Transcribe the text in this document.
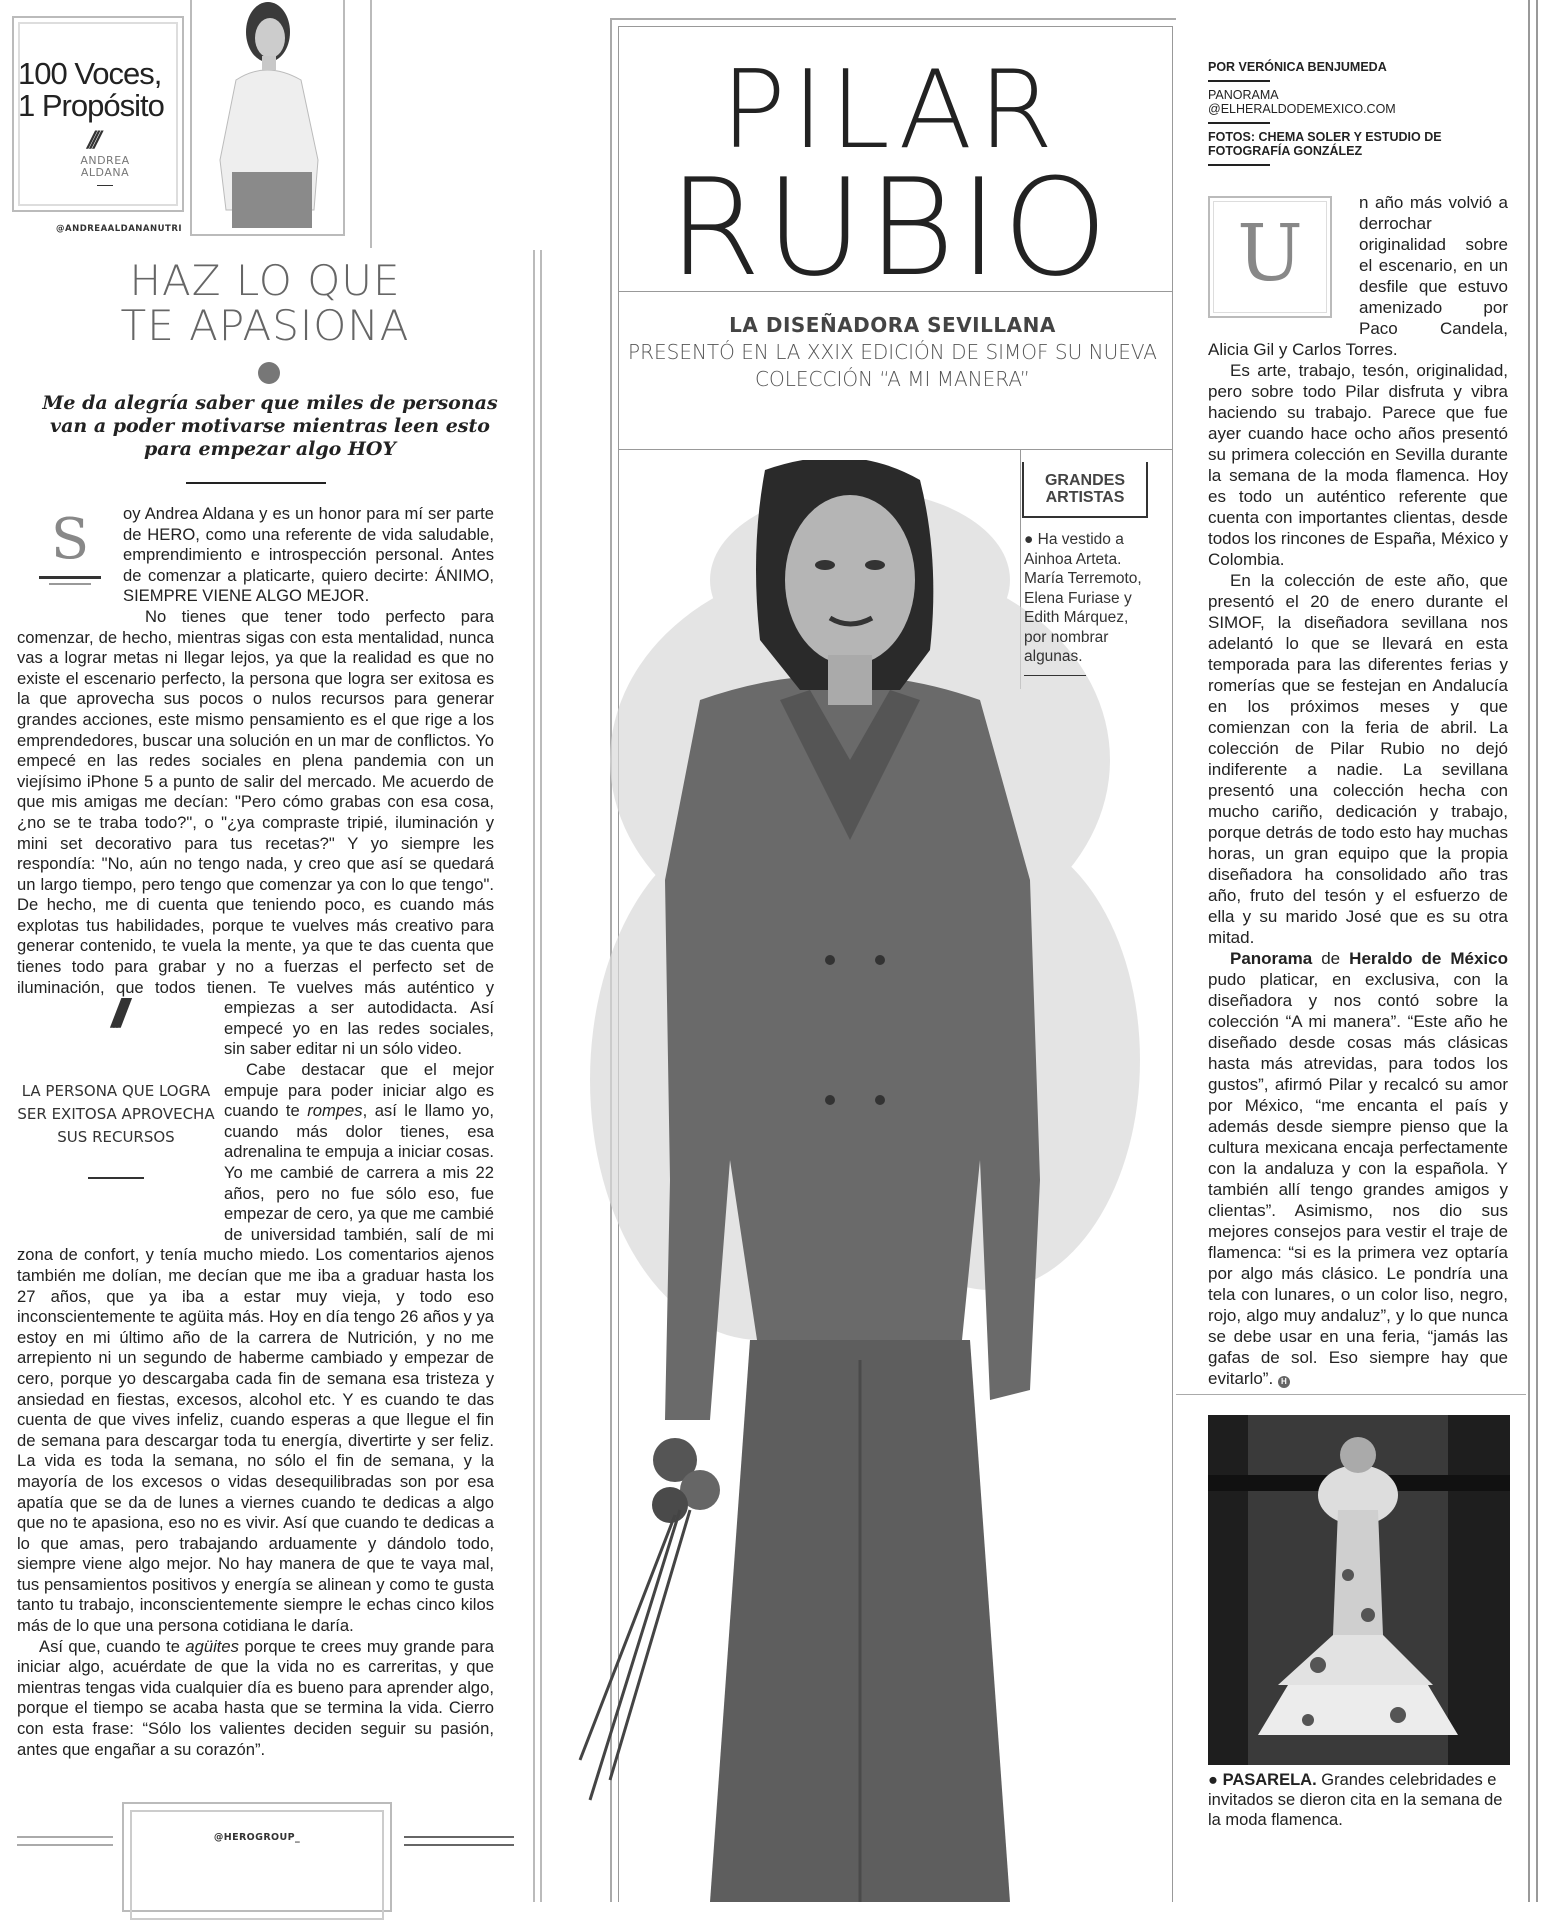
100 Voces,
1 Propósito
///
ANDREA
ALDANA
@ANDREAALDANANUTRI
HAZ LO QUE
TE APASIONA
Me da alegría saber que miles de personas van a poder motivarse mientras leen esto para empezar algo HOY
S	oy Andrea Aldana y es un honor para mí ser parte de HERO, como una referente de vida saludable, emprendimiento e introspección personal. Antes de comenzar a platicarte, quiero decirte: ÁNIMO, SIEMPRE VIENE ALGO MEJOR.

No tienes que tener todo perfecto para comenzar, de hecho, mientras sigas con esta mentalidad, nunca vas a lograr metas ni llegar lejos, ya que la realidad es que no existe el escenario perfecto, la persona que logra ser exitosa es la que aprovecha sus pocos o nulos recursos para generar grandes acciones, este mismo pensamiento es el que rige a los emprendedores, buscar una solución en un mar de conflictos. Yo empecé en las redes sociales en plena pandemia con un viejísimo iPhone 5 a punto de salir del mercado. Me acuerdo de que mis amigas me decían: "Pero cómo grabas con esa cosa, ¿no se te traba todo?", o "¿ya compraste tripié, iluminación y mini set decorativo para tus recetas?" Y yo siempre les respondía: "No, aún no tengo nada, y creo que así se quedará un largo tiempo, pero tengo que comenzar ya con lo que tengo". De hecho, me di cuenta que teniendo poco, es cuando más explotas tus habilidades, porque te vuelves más creativo para generar contenido, te vuela la mente, ya que te das cuenta que tienes todo para grabar y no a fuerzas el perfecto set de iluminación, que todos tienen. Te vuelves más auténtico y empiezas a ser autodidacta. Así
///
LA PERSONA QUE LOGRA SER EXITOSA APROVECHA SUS RECURSOS
empecé yo en las redes sociales, sin saber editar ni un sólo video.

Cabe destacar que el mejor empuje para poder iniciar algo es cuando te rompes, así le llamo yo, cuando más dolor tienes, esa adrenalina te empuja a iniciar cosas. Yo me cambié de carrera a mis 22 años, pero no fue sólo eso, fue empezar de cero, ya que me cambié de universidad también, salí de mi zona de confort, y tenía mucho miedo. Los comentarios ajenos también me dolían, me decían que me iba a graduar hasta los 27 años, que ya iba a estar muy vieja, y todo eso inconscientemente te agüita más. Hoy en día tengo 26 años y ya estoy en mi último año de la carrera de Nutrición, y no me arrepiento ni un segundo de haberme cambiado y empezar de cero, porque yo descargaba cada fin de semana esa tristeza y ansiedad en fiestas, excesos, alcohol etc. Y es cuando te das cuenta de que vives infeliz, cuando esperas a que llegue el fin de semana para descargar toda tu energía, divertirte y ser feliz. La vida es toda la semana, no sólo el fin de semana, y la mayoría de los excesos o vidas desequilibradas son por esa apatía que se da de lunes a viernes cuando te dedicas a algo que no te apasiona, eso no es vivir. Así que cuando te dedicas a lo que amas, pero trabajando arduamente y dándolo todo, siempre viene algo mejor. No hay manera de que te vaya mal, tus pensamientos positivos y energía se alinean y como te gusta tanto tu trabajo, inconscientemente siempre le echas cinco kilos más de lo que una persona cotidiana le daría.

Así que, cuando te agüites porque te crees muy grande para iniciar algo, acuérdate de que la vida no es carreritas, y que mientras tengas vida cualquier día es bueno para aprender algo, porque el tiempo se acaba hasta que se termina la vida. Cierro con esta frase: “Sólo los valientes deciden seguir su pasión, antes que engañar a su corazón”.

@HEROGROUP_
PILAR
RUBIO
LA DISEÑADORA SEVILLANA
PRESENTÓ EN LA XXIX EDICIÓN DE SIMOF SU NUEVA COLECCIÓN “A MI MANERA”
GRANDES
ARTISTAS
● Ha vestido a Ainhoa Arteta. María Terremoto, Elena Furiase y Edith Márquez, por nombrar algunas.
POR VERÓNICA BENJUMEDA
PANORAMA
@ELHERALDODEMEXICO.COM
FOTOS: CHEMA SOLER Y ESTUDIO DE FOTOGRAFÍA GONZÁLEZ
U

n año más volvió a derrochar originalidad sobre el escenario, en un desfile que estuvo amenizado por Paco Candela, Alicia Gil y Carlos Torres.

Es arte, trabajo, tesón, originalidad, pero sobre todo Pilar disfruta y vibra haciendo su trabajo. Parece que fue ayer cuando hace ocho años presentó su primera colección en Sevilla durante la semana de la moda flamenca. Hoy es todo un auténtico referente que cuenta con importantes clientas, desde todos los rincones de España, México y Colombia.

En la colección de este año, que presentó el 20 de enero durante el SIMOF, la diseñadora sevillana nos adelantó lo que se llevará en esta temporada para las diferentes ferias y romerías que se festejan en Andalucía en los próximos meses y que comienzan con la feria de abril. La colección de Pilar Rubio no dejó indiferente a nadie. La sevillana presentó una colección hecha con mucho cariño, dedicación y trabajo, porque detrás de todo esto hay muchas horas, un gran equipo que la propia diseñadora ha consolidado año tras año, fruto del tesón y el esfuerzo de ella y su marido José que es su otra mitad.

Panorama de Heraldo de México pudo platicar, en exclusiva, con la diseñadora y nos contó sobre la colección “A mi manera”. “Este año he diseñado desde cosas más clásicas hasta más atrevidas, para todos los gustos”, afirmó Pilar y recalcó su amor por México, “me encanta el país y además desde siempre pienso que la cultura mexicana encaja perfectamente con la andaluza y con la española. Y también allí tengo grandes amigos y clientas”. Asimismo, nos dio sus mejores consejos para vestir el traje de flamenca: “si es la primera vez optaría por algo más clásico. Le pondría una tela con lunares, o un color liso, negro, rojo, algo muy andaluz”, y lo que nunca se debe usar en una feria, “jamás las gafas de sol. Eso siempre hay que evitarlo”. H

● PASARELA. Grandes celebridades e invitados se dieron cita en la semana de la moda flamenca.
